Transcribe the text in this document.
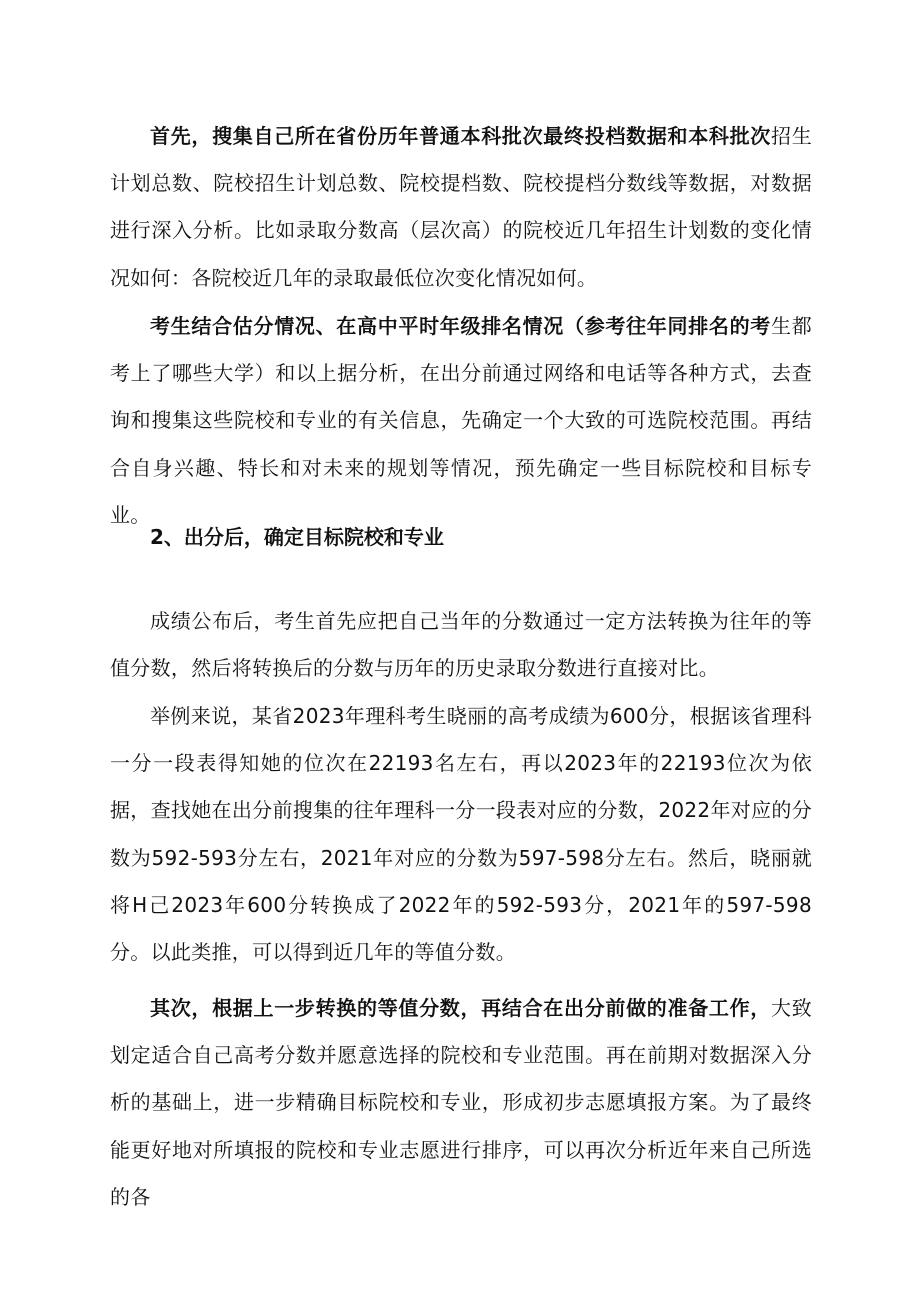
首先，搜集自己所在省份历年普通本科批次最终投档数据和本科批次招生计划总数、院校招生计划总数、院校提档数、院校提档分数线等数据，对数据进行深入分析。比如录取分数高（层次高）的院校近几年招生计划数的变化情况如何：各院校近几年的录取最低位次变化情况如何。

考生结合估分情况、在高中平时年级排名情况（参考往年同排名的考生都考上了哪些大学）和以上据分析，在出分前通过网络和电话等各种方式，去查询和搜集这些院校和专业的有关信息，先确定一个大致的可选院校范围。再结合自身兴趣、特长和对未来的规划等情况，预先确定一些目标院校和目标专业。

2、出分后，确定目标院校和专业

成绩公布后，考生首先应把自己当年的分数通过一定方法转换为往年的等值分数，然后将转换后的分数与历年的历史录取分数进行直接对比。

举例来说，某省2023年理科考生晓丽的高考成绩为600分，根据该省理科一分一段表得知她的位次在22193名左右，再以2023年的22193位次为依据，查找她在出分前搜集的往年理科一分一段表对应的分数，2022年对应的分数为592-593分左右，2021年对应的分数为597-598分左右。然后，晓丽就将H己2023年600分转换成了2022年的592-593分，2021年的597-598分。以此类推，可以得到近几年的等值分数。

其次，根据上一步转换的等值分数，再结合在出分前做的准备工作，大致划定适合自己高考分数并愿意选择的院校和专业范围。再在前期对数据深入分析的基础上，进一步精确目标院校和专业，形成初步志愿填报方案。为了最终能更好地对所填报的院校和专业志愿进行排序，可以再次分析近年来自己所选的各
